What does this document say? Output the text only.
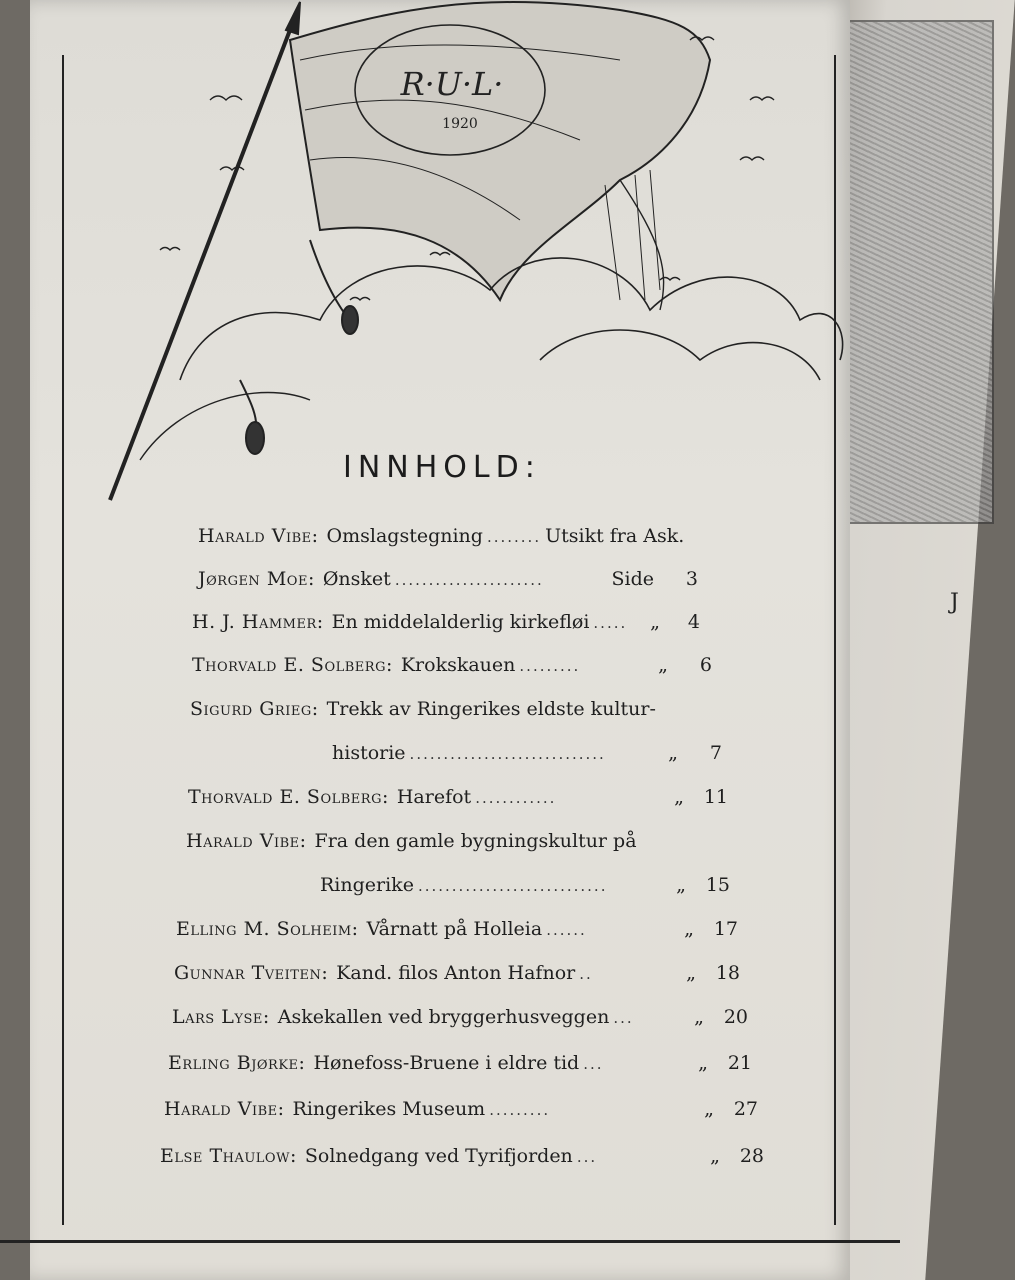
J
R·U·L·
1920
INNHOLD:
Harald Vibe: Omslagstegning ........ Utsikt fra Ask.
Jørgen Moe: Ønsket ......................	Side	3
H. J. Hammer: En middelalderlig kirkefløi .....	„	4
Thorvald E. Solberg: Krokskauen .........	„	6
Sigurd Grieg: Trekk av Ringerikes eldste kultur-
historie .............................	„	7
Thorvald E. Solberg: Harefot ............	„	11
Harald Vibe: Fra den gamle bygningskultur på
Ringerike ............................	„	15
Elling M. Solheim: Vårnatt på Holleia ......	„	17
Gunnar Tveiten: Kand. filos Anton Hafnor ..	„	18
Lars Lyse: Askekallen ved bryggerhusveggen ...	„	20
Erling Bjørke: Hønefoss-Bruene i eldre tid ...	„	21
Harald Vibe: Ringerikes Museum .........	„	27
Else Thaulow: Solnedgang ved Tyrifjorden ...	„	28
